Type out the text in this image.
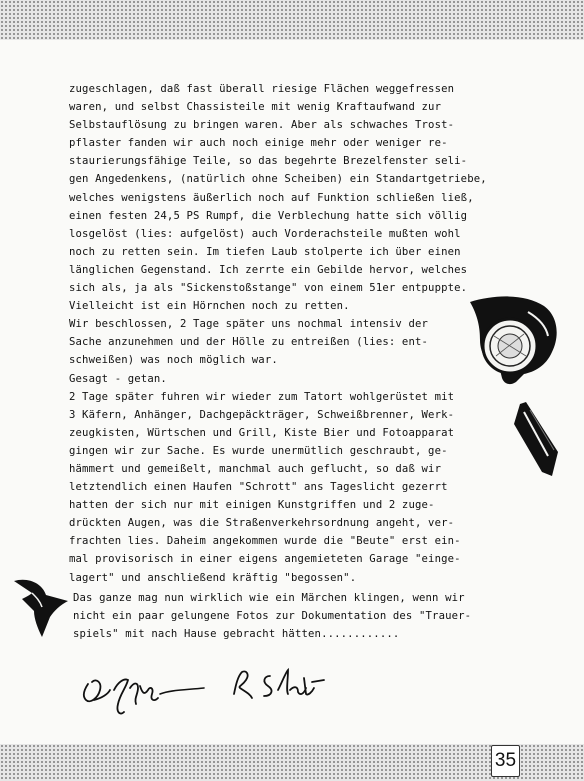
zugeschlagen, daß fast überall riesige Flächen weggefressen
waren, und selbst Chassisteile mit wenig Kraftaufwand zur
Selbstauflösung zu bringen waren. Aber als schwaches Trost-
pflaster fanden wir auch noch einige mehr oder weniger re-
staurierungsfähige Teile, so das begehrte Brezelfenster seli-
gen Angedenkens, (natürlich ohne Scheiben) ein Standartgetriebe,
welches wenigstens äußerlich noch auf Funktion schließen ließ,
einen festen 24,5 PS Rumpf, die Verblechung hatte sich völlig
losgelöst (lies: aufgelöst) auch Vorderachsteile mußten wohl
noch zu retten sein. Im tiefen Laub stolperte ich über einen
länglichen Gegenstand. Ich zerrte ein Gebilde hervor, welches
sich als, ja als "Sickenstoßstange" von einem 51er entpuppte.
Vielleicht ist ein Hörnchen noch zu retten.
Wir beschlossen, 2 Tage später uns nochmal intensiv der
Sache anzunehmen und der Hölle zu entreißen (lies: ent-
schweißen) was noch möglich war.
Gesagt - getan.
2 Tage später fuhren wir wieder zum Tatort wohlgerüstet mit
3 Käfern, Anhänger, Dachgepäckträger, Schweißbrenner, Werk-
zeugkisten, Würtschen und Grill, Kiste Bier und Fotoapparat
gingen wir zur Sache. Es wurde unermütlich geschraubt, ge-
hämmert und gemeißelt, manchmal auch geflucht, so daß wir
letztendlich einen Haufen "Schrott" ans Tageslicht gezerrt
hatten der sich nur mit einigen Kunstgriffen und 2 zuge-
drückten Augen, was die Straßenverkehrsordnung angeht, ver-
frachten lies. Daheim angekommen wurde die "Beute" erst ein-
mal provisorisch in einer eigens angemieteten Garage "einge-
lagert" und anschließend kräftig "begossen".
Das ganze mag nun wirklich wie ein Märchen klingen, wenn wir
nicht ein paar gelungene Fotos zur Dokumentation des "Trauer-
spiels" mit nach Hause gebracht hätten............
35
